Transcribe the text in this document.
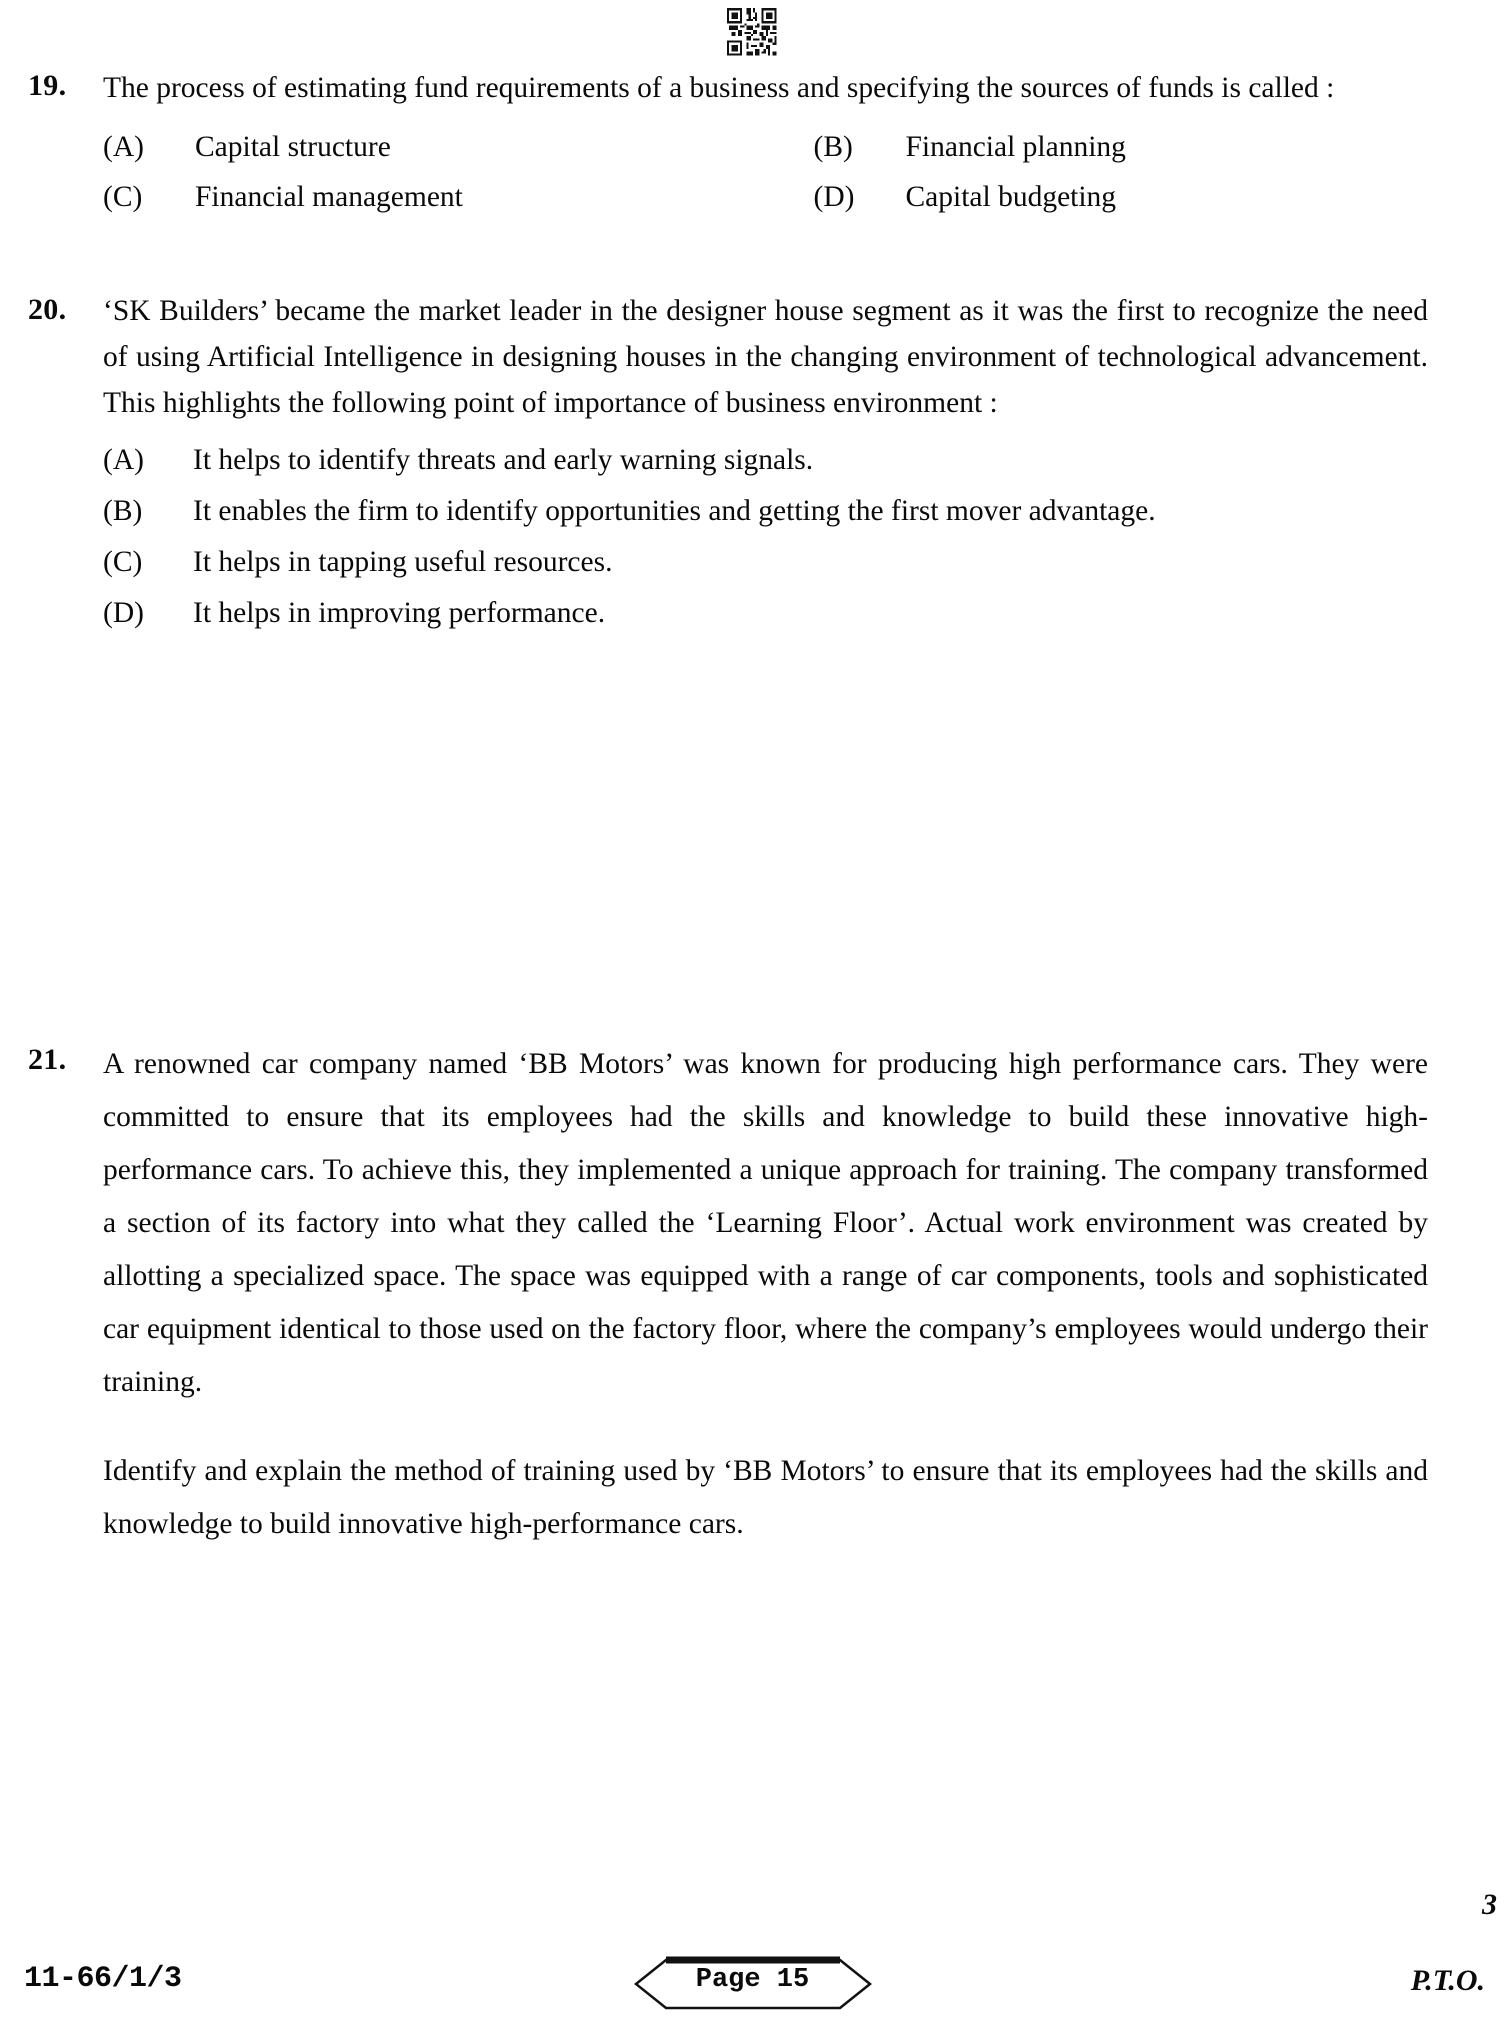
19.	The process of estimating fund requirements of a business and specifying the sources of funds is called :
(A)	Capital structure	(B)	Financial planning
(C)	Financial management	(D)	Capital budgeting
20.	‘SK Builders’ became the market leader in the designer house segment as it was the first to recognize the need of using Artificial Intelligence in designing houses in the changing environment of technological advancement. This highlights the following point of importance of business environment :
(A)	It helps to identify threats and early warning signals.
(B)	It enables the firm to identify opportunities and getting the first mover advantage.
(C)	It helps in tapping useful resources.
(D)	It helps in improving performance.
21.	A renowned car company named ‘BB Motors’ was known for producing high performance cars. They were committed to ensure that its employees had the skills and knowledge to build these innovative high-performance cars. To achieve this, they implemented a unique approach for training. The company transformed a section of its factory into what they called the ‘Learning Floor’. Actual work environment was created by allotting a specialized space. The space was equipped with a range of car components, tools and sophisticated car equipment identical to those used on the factory floor, where the company’s employees would undergo their training.
Identify and explain the method of training used by ‘BB Motors’ to ensure that its employees had the skills and knowledge to build innovative high-performance cars.
3
11-66/1/3	Page 15	P.T.O.
